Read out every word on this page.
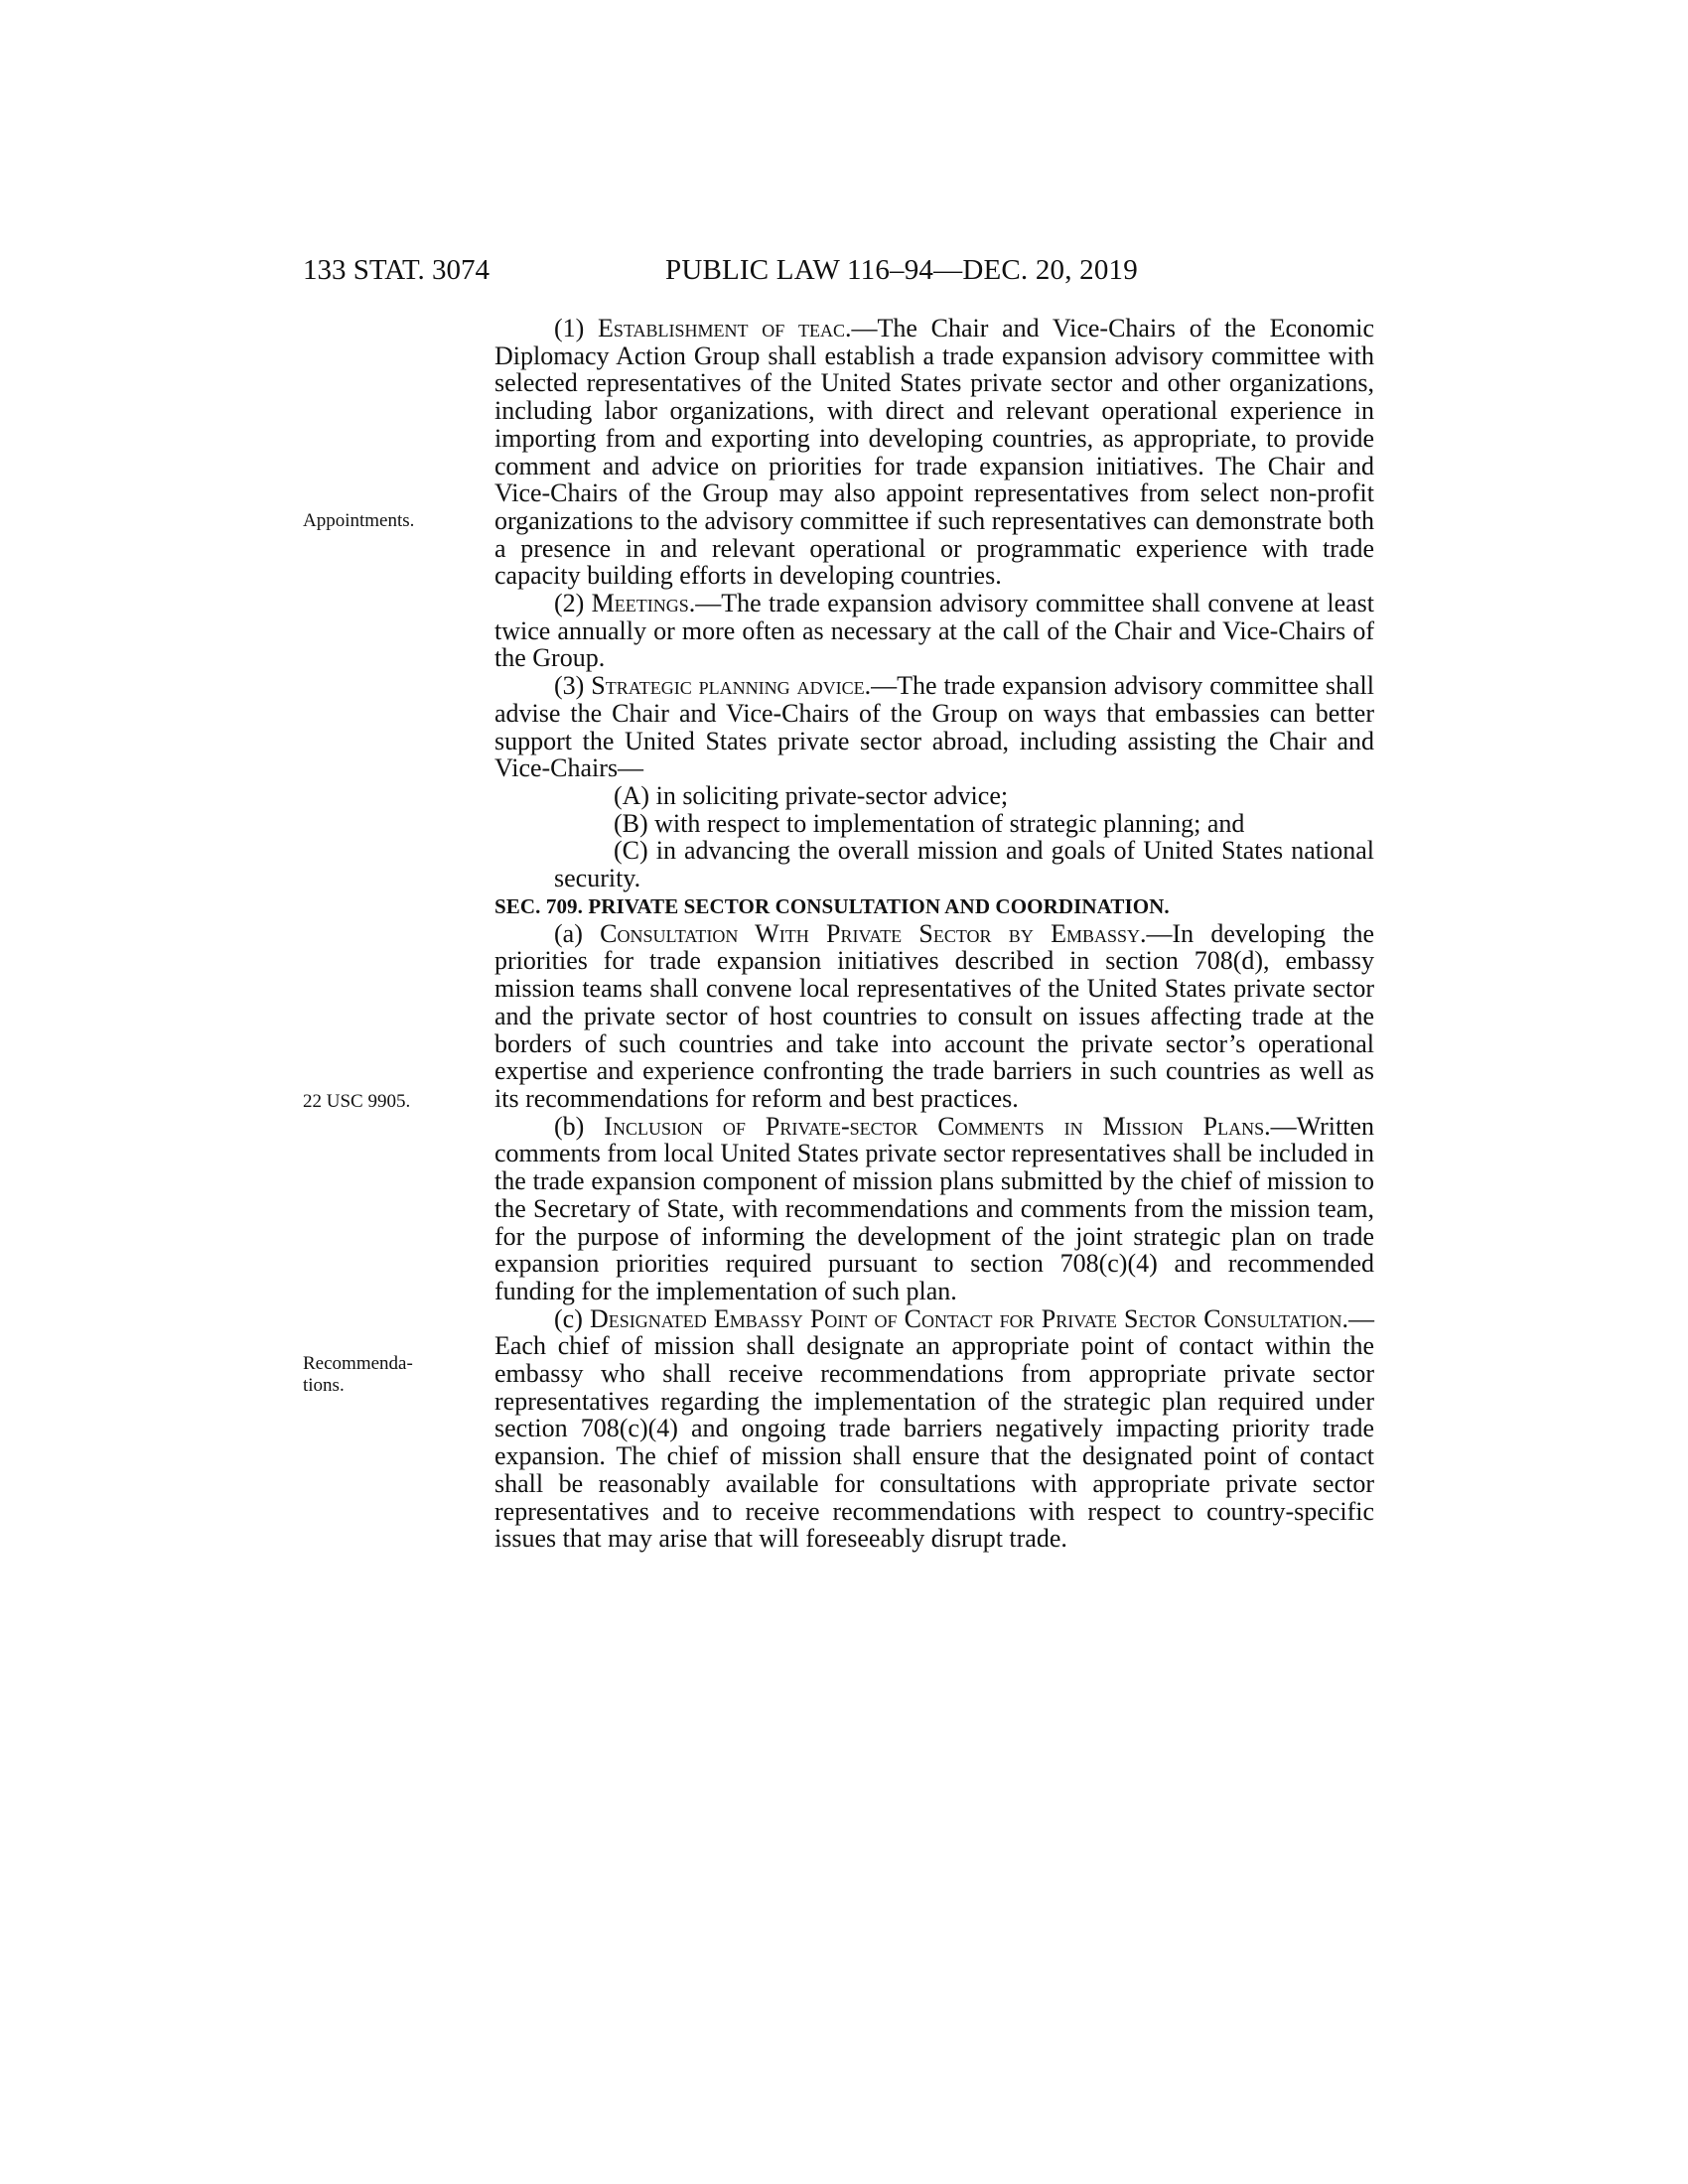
133 STAT. 3074	PUBLIC LAW 116–94—DEC. 20, 2019
Appointments.
22 USC 9905.
Recommenda-
tions.

(1) Establishment of teac.—The Chair and Vice-Chairs of the Economic Diplomacy Action Group shall establish a trade expansion advisory committee with selected representatives of the United States private sector and other organizations, including labor organizations, with direct and relevant operational experience in importing from and exporting into developing countries, as appropriate, to provide comment and advice on priorities for trade expansion initiatives. The Chair and Vice-Chairs of the Group may also appoint representatives from select non-profit organizations to the advisory committee if such representatives can demonstrate both a presence in and relevant operational or programmatic experience with trade capacity building efforts in developing countries.

(2) Meetings.—The trade expansion advisory committee shall convene at least twice annually or more often as necessary at the call of the Chair and Vice-Chairs of the Group.

(3) Strategic planning advice.—The trade expansion advisory committee shall advise the Chair and Vice-Chairs of the Group on ways that embassies can better support the United States private sector abroad, including assisting the Chair and Vice-Chairs—

(A) in soliciting private-sector advice;

(B) with respect to implementation of strategic planning; and

(C) in advancing the overall mission and goals of United States national security.

SEC. 709. PRIVATE SECTOR CONSULTATION AND COORDINATION.

(a) Consultation With Private Sector by Embassy.—In developing the priorities for trade expansion initiatives described in section 708(d), embassy mission teams shall convene local representatives of the United States private sector and the private sector of host countries to consult on issues affecting trade at the borders of such countries and take into account the private sector’s operational expertise and experience confronting the trade barriers in such countries as well as its recommendations for reform and best practices.

(b) Inclusion of Private-sector Comments in Mission Plans.—Written comments from local United States private sector representatives shall be included in the trade expansion component of mission plans submitted by the chief of mission to the Secretary of State, with recommendations and comments from the mission team, for the purpose of informing the development of the joint strategic plan on trade expansion priorities required pursuant to section 708(c)(4) and recommended funding for the implementation of such plan.

(c) Designated Embassy Point of Contact for Private Sector Consultation.—Each chief of mission shall designate an appropriate point of contact within the embassy who shall receive recommendations from appropriate private sector representatives regarding the implementation of the strategic plan required under section 708(c)(4) and ongoing trade barriers negatively impacting priority trade expansion. The chief of mission shall ensure that the designated point of contact shall be reasonably available for consultations with appropriate private sector representatives and to receive recommendations with respect to country-specific issues that may arise that will foreseeably disrupt trade.
